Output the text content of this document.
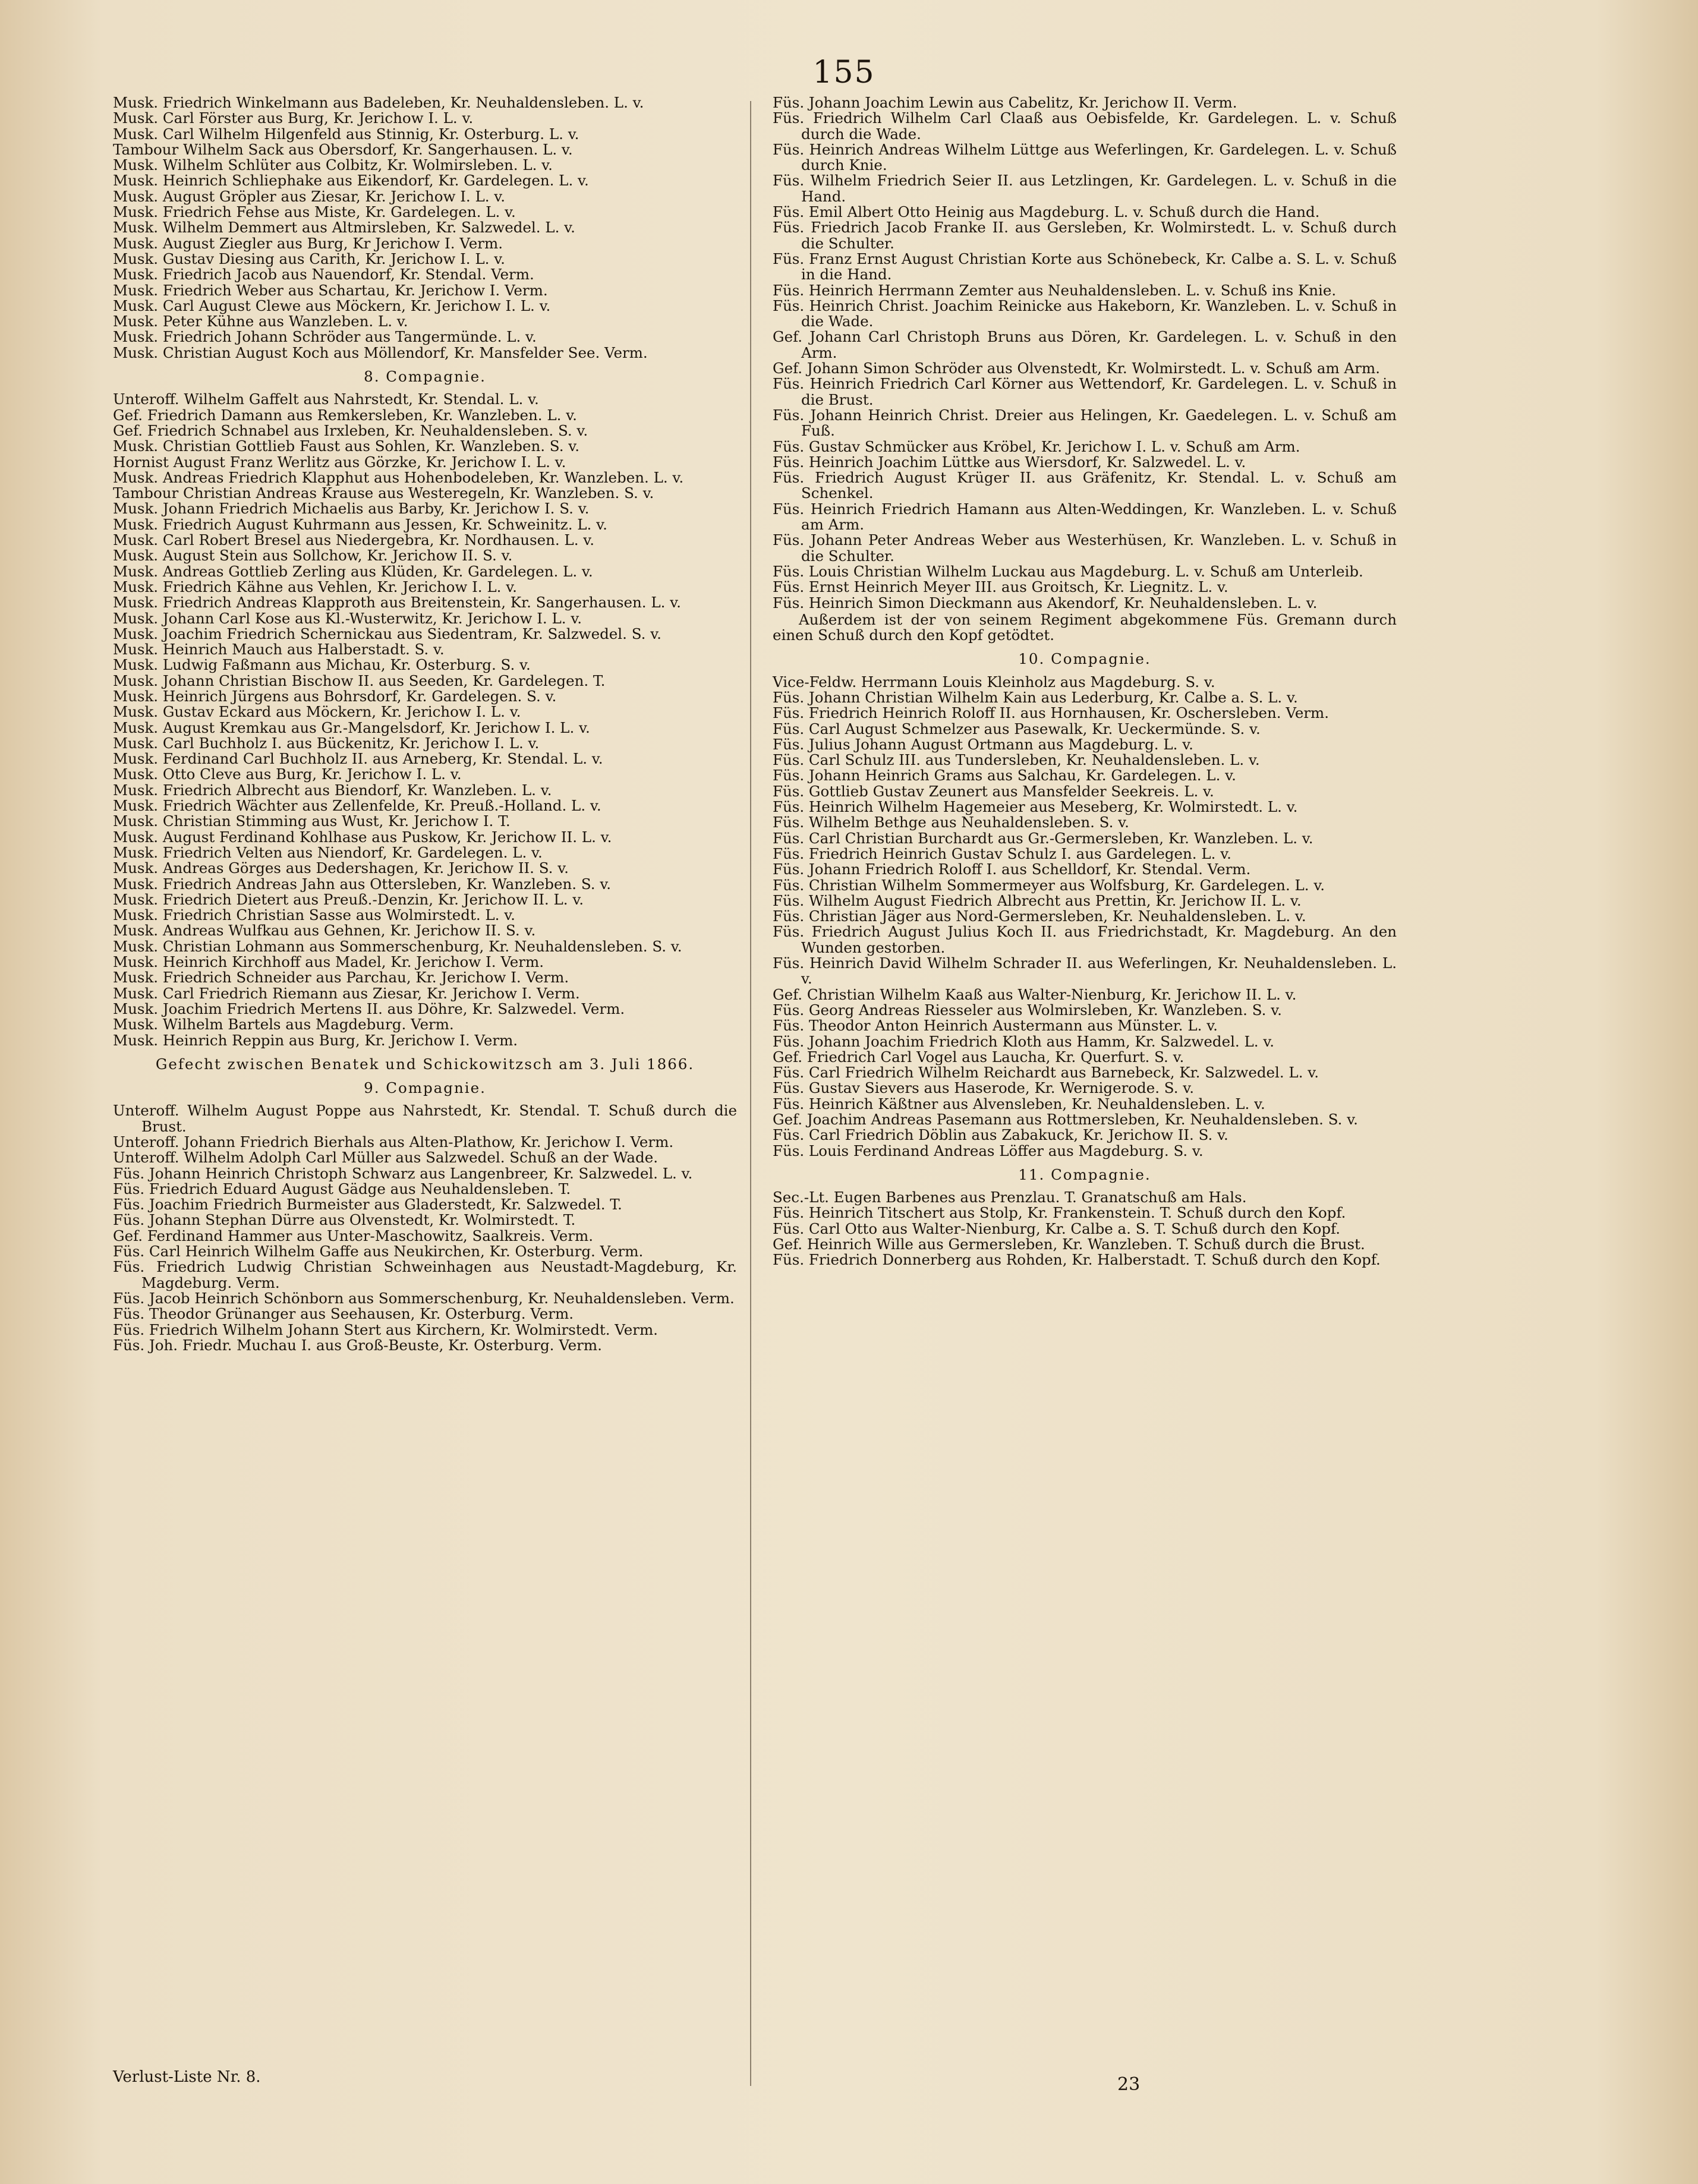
155

Musk. Friedrich Winkelmann aus Badeleben, Kr. Neuhaldensleben. L. v.

Musk. Carl Förster aus Burg, Kr. Jerichow I. L. v.

Musk. Carl Wilhelm Hilgenfeld aus Stinnig, Kr. Osterburg. L. v.

Tambour Wilhelm Sack aus Obersdorf, Kr. Sangerhausen. L. v.

Musk. Wilhelm Schlüter aus Colbitz, Kr. Wolmirsleben. L. v.

Musk. Heinrich Schliephake aus Eikendorf, Kr. Gardelegen. L. v.

Musk. August Gröpler aus Ziesar, Kr. Jerichow I. L. v.

Musk. Friedrich Fehse aus Miste, Kr. Gardelegen. L. v.

Musk. Wilhelm Demmert aus Altmirsleben, Kr. Salzwedel. L. v.

Musk. August Ziegler aus Burg, Kr Jerichow I. Verm.

Musk. Gustav Diesing aus Carith, Kr. Jerichow I. L. v.

Musk. Friedrich Jacob aus Nauendorf, Kr. Stendal. Verm.

Musk. Friedrich Weber aus Schartau, Kr. Jerichow I. Verm.

Musk. Carl August Clewe aus Möckern, Kr. Jerichow I. L. v.

Musk. Peter Kühne aus Wanzleben. L. v.

Musk. Friedrich Johann Schröder aus Tangermünde. L. v.

Musk. Christian August Koch aus Möllendorf, Kr. Mansfelder See. Verm.

8. Compagnie.

Unteroff. Wilhelm Gaffelt aus Nahrstedt, Kr. Stendal. L. v.

Gef. Friedrich Damann aus Remkersleben, Kr. Wanzleben. L. v.

Gef. Friedrich Schnabel aus Irxleben, Kr. Neuhaldensleben. S. v.

Musk. Christian Gottlieb Faust aus Sohlen, Kr. Wanzleben. S. v.

Hornist August Franz Werlitz aus Görzke, Kr. Jerichow I. L. v.

Musk. Andreas Friedrich Klapphut aus Hohenbodeleben, Kr. Wanzleben. L. v.

Tambour Christian Andreas Krause aus Westeregeln, Kr. Wanzleben. S. v.

Musk. Johann Friedrich Michaelis aus Barby, Kr. Jerichow I. S. v.

Musk. Friedrich August Kuhrmann aus Jessen, Kr. Schweinitz. L. v.

Musk. Carl Robert Bresel aus Niedergebra, Kr. Nordhausen. L. v.

Musk. August Stein aus Sollchow, Kr. Jerichow II. S. v.

Musk. Andreas Gottlieb Zerling aus Klüden, Kr. Gardelegen. L. v.

Musk. Friedrich Kähne aus Vehlen, Kr. Jerichow I. L. v.

Musk. Friedrich Andreas Klapproth aus Breitenstein, Kr. Sangerhausen. L. v.

Musk. Johann Carl Kose aus Kl.-Wusterwitz, Kr. Jerichow I. L. v.

Musk. Joachim Friedrich Schernickau aus Siedentram, Kr. Salzwedel. S. v.

Musk. Heinrich Mauch aus Halberstadt. S. v.

Musk. Ludwig Faßmann aus Michau, Kr. Osterburg. S. v.

Musk. Johann Christian Bischow II. aus Seeden, Kr. Gardelegen. T.

Musk. Heinrich Jürgens aus Bohrsdorf, Kr. Gardelegen. S. v.

Musk. Gustav Eckard aus Möckern, Kr. Jerichow I. L. v.

Musk. August Kremkau aus Gr.-Mangelsdorf, Kr. Jerichow I. L. v.

Musk. Carl Buchholz I. aus Bückenitz, Kr. Jerichow I. L. v.

Musk. Ferdinand Carl Buchholz II. aus Arneberg, Kr. Stendal. L. v.

Musk. Otto Cleve aus Burg, Kr. Jerichow I. L. v.

Musk. Friedrich Albrecht aus Biendorf, Kr. Wanzleben. L. v.

Musk. Friedrich Wächter aus Zellenfelde, Kr. Preuß.-Holland. L. v.

Musk. Christian Stimming aus Wust, Kr. Jerichow I. T.

Musk. August Ferdinand Kohlhase aus Puskow, Kr. Jerichow II. L. v.

Musk. Friedrich Velten aus Niendorf, Kr. Gardelegen. L. v.

Musk. Andreas Görges aus Dedershagen, Kr. Jerichow II. S. v.

Musk. Friedrich Andreas Jahn aus Ottersleben, Kr. Wanzleben. S. v.

Musk. Friedrich Dietert aus Preuß.-Denzin, Kr. Jerichow II. L. v.

Musk. Friedrich Christian Sasse aus Wolmirstedt. L. v.

Musk. Andreas Wulfkau aus Gehnen, Kr. Jerichow II. S. v.

Musk. Christian Lohmann aus Sommerschenburg, Kr. Neuhaldensleben. S. v.

Musk. Heinrich Kirchhoff aus Madel, Kr. Jerichow I. Verm.

Musk. Friedrich Schneider aus Parchau, Kr. Jerichow I. Verm.

Musk. Carl Friedrich Riemann aus Ziesar, Kr. Jerichow I. Verm.

Musk. Joachim Friedrich Mertens II. aus Döhre, Kr. Salzwedel. Verm.

Musk. Wilhelm Bartels aus Magdeburg. Verm.

Musk. Heinrich Reppin aus Burg, Kr. Jerichow I. Verm.

Gefecht zwischen Benatek und Schickowitzsch am 3. Juli 1866.

9. Compagnie.

Unteroff. Wilhelm August Poppe aus Nahrstedt, Kr. Stendal. T. Schuß durch die Brust.

Unteroff. Johann Friedrich Bierhals aus Alten-Plathow, Kr. Jerichow I. Verm.

Unteroff. Wilhelm Adolph Carl Müller aus Salzwedel. Schuß an der Wade.

Füs. Johann Heinrich Christoph Schwarz aus Langenbreer, Kr. Salzwedel. L. v.

Füs. Friedrich Eduard August Gädge aus Neuhaldensleben. T.

Füs. Joachim Friedrich Burmeister aus Gladerstedt, Kr. Salzwedel. T.

Füs. Johann Stephan Dürre aus Olvenstedt, Kr. Wolmirstedt. T.

Gef. Ferdinand Hammer aus Unter-Maschowitz, Saalkreis. Verm.

Füs. Carl Heinrich Wilhelm Gaffe aus Neukirchen, Kr. Osterburg. Verm.

Füs. Friedrich Ludwig Christian Schweinhagen aus Neustadt-Magdeburg, Kr. Magdeburg. Verm.

Füs. Jacob Heinrich Schönborn aus Sommerschenburg, Kr. Neuhaldensleben. Verm.

Füs. Theodor Grünanger aus Seehausen, Kr. Osterburg. Verm.

Füs. Friedrich Wilhelm Johann Stert aus Kirchern, Kr. Wolmirstedt. Verm.

Füs. Joh. Friedr. Muchau I. aus Groß-Beuste, Kr. Osterburg. Verm.

Füs. Johann Joachim Lewin aus Cabelitz, Kr. Jerichow II. Verm.

Füs. Friedrich Wilhelm Carl Claaß aus Oebisfelde, Kr. Gardelegen. L. v. Schuß durch die Wade.

Füs. Heinrich Andreas Wilhelm Lüttge aus Weferlingen, Kr. Gardelegen. L. v. Schuß durch Knie.

Füs. Wilhelm Friedrich Seier II. aus Letzlingen, Kr. Gardelegen. L. v. Schuß in die Hand.

Füs. Emil Albert Otto Heinig aus Magdeburg. L. v. Schuß durch die Hand.

Füs. Friedrich Jacob Franke II. aus Gersleben, Kr. Wolmirstedt. L. v. Schuß durch die Schulter.

Füs. Franz Ernst August Christian Korte aus Schönebeck, Kr. Calbe a. S. L. v. Schuß in die Hand.

Füs. Heinrich Herrmann Zemter aus Neuhaldensleben. L. v. Schuß ins Knie.

Füs. Heinrich Christ. Joachim Reinicke aus Hakeborn, Kr. Wanzleben. L. v. Schuß in die Wade.

Gef. Johann Carl Christoph Bruns aus Dören, Kr. Gardelegen. L. v. Schuß in den Arm.

Gef. Johann Simon Schröder aus Olvenstedt, Kr. Wolmirstedt. L. v. Schuß am Arm.

Füs. Heinrich Friedrich Carl Körner aus Wettendorf, Kr. Gardelegen. L. v. Schuß in die Brust.

Füs. Johann Heinrich Christ. Dreier aus Helingen, Kr. Gaedelegen. L. v. Schuß am Fuß.

Füs. Gustav Schmücker aus Kröbel, Kr. Jerichow I. L. v. Schuß am Arm.

Füs. Heinrich Joachim Lüttke aus Wiersdorf, Kr. Salzwedel. L. v.

Füs. Friedrich August Krüger II. aus Gräfenitz, Kr. Stendal. L. v. Schuß am Schenkel.

Füs. Heinrich Friedrich Hamann aus Alten-Weddingen, Kr. Wanzleben. L. v. Schuß am Arm.

Füs. Johann Peter Andreas Weber aus Westerhüsen, Kr. Wanzleben. L. v. Schuß in die Schulter.

Füs. Louis Christian Wilhelm Luckau aus Magdeburg. L. v. Schuß am Unterleib.

Füs. Ernst Heinrich Meyer III. aus Groitsch, Kr. Liegnitz. L. v.

Füs. Heinrich Simon Dieckmann aus Akendorf, Kr. Neuhaldensleben. L. v.

Außerdem ist der von seinem Regiment abgekommene Füs. Gremann durch einen Schuß durch den Kopf getödtet.

10. Compagnie.

Vice-Feldw. Herrmann Louis Kleinholz aus Magdeburg. S. v.

Füs. Johann Christian Wilhelm Kain aus Lederburg, Kr. Calbe a. S. L. v.

Füs. Friedrich Heinrich Roloff II. aus Hornhausen, Kr. Oschersleben. Verm.

Füs. Carl August Schmelzer aus Pasewalk, Kr. Ueckermünde. S. v.

Füs. Julius Johann August Ortmann aus Magdeburg. L. v.

Füs. Carl Schulz III. aus Tundersleben, Kr. Neuhaldensleben. L. v.

Füs. Johann Heinrich Grams aus Salchau, Kr. Gardelegen. L. v.

Füs. Gottlieb Gustav Zeunert aus Mansfelder Seekreis. L. v.

Füs. Heinrich Wilhelm Hagemeier aus Meseberg, Kr. Wolmirstedt. L. v.

Füs. Wilhelm Bethge aus Neuhaldensleben. S. v.

Füs. Carl Christian Burchardt aus Gr.-Germersleben, Kr. Wanzleben. L. v.

Füs. Friedrich Heinrich Gustav Schulz I. aus Gardelegen. L. v.

Füs. Johann Friedrich Roloff I. aus Schelldorf, Kr. Stendal. Verm.

Füs. Christian Wilhelm Sommermeyer aus Wolfsburg, Kr. Gardelegen. L. v.

Füs. Wilhelm August Fiedrich Albrecht aus Prettin, Kr. Jerichow II. L. v.

Füs. Christian Jäger aus Nord-Germersleben, Kr. Neuhaldensleben. L. v.

Füs. Friedrich August Julius Koch II. aus Friedrichstadt, Kr. Magdeburg. An den Wunden gestorben.

Füs. Heinrich David Wilhelm Schrader II. aus Weferlingen, Kr. Neuhaldensleben. L. v.

Gef. Christian Wilhelm Kaaß aus Walter-Nienburg, Kr. Jerichow II. L. v.

Füs. Georg Andreas Riesseler aus Wolmirsleben, Kr. Wanzleben. S. v.

Füs. Theodor Anton Heinrich Austermann aus Münster. L. v.

Füs. Johann Joachim Friedrich Kloth aus Hamm, Kr. Salzwedel. L. v.

Gef. Friedrich Carl Vogel aus Laucha, Kr. Querfurt. S. v.

Füs. Carl Friedrich Wilhelm Reichardt aus Barnebeck, Kr. Salzwedel. L. v.

Füs. Gustav Sievers aus Haserode, Kr. Wernigerode. S. v.

Füs. Heinrich Käßtner aus Alvensleben, Kr. Neuhaldensleben. L. v.

Gef. Joachim Andreas Pasemann aus Rottmersleben, Kr. Neuhaldensleben. S. v.

Füs. Carl Friedrich Döblin aus Zabakuck, Kr. Jerichow II. S. v.

Füs. Louis Ferdinand Andreas Löffer aus Magdeburg. S. v.

11. Compagnie.

Sec.-Lt. Eugen Barbenes aus Prenzlau. T. Granatschuß am Hals.

Füs. Heinrich Titschert aus Stolp, Kr. Frankenstein. T. Schuß durch den Kopf.

Füs. Carl Otto aus Walter-Nienburg, Kr. Calbe a. S. T. Schuß durch den Kopf.

Gef. Heinrich Wille aus Germersleben, Kr. Wanzleben. T. Schuß durch die Brust.

Füs. Friedrich Donnerberg aus Rohden, Kr. Halberstadt. T. Schuß durch den Kopf.

Verlust-Liste Nr. 8.	23
